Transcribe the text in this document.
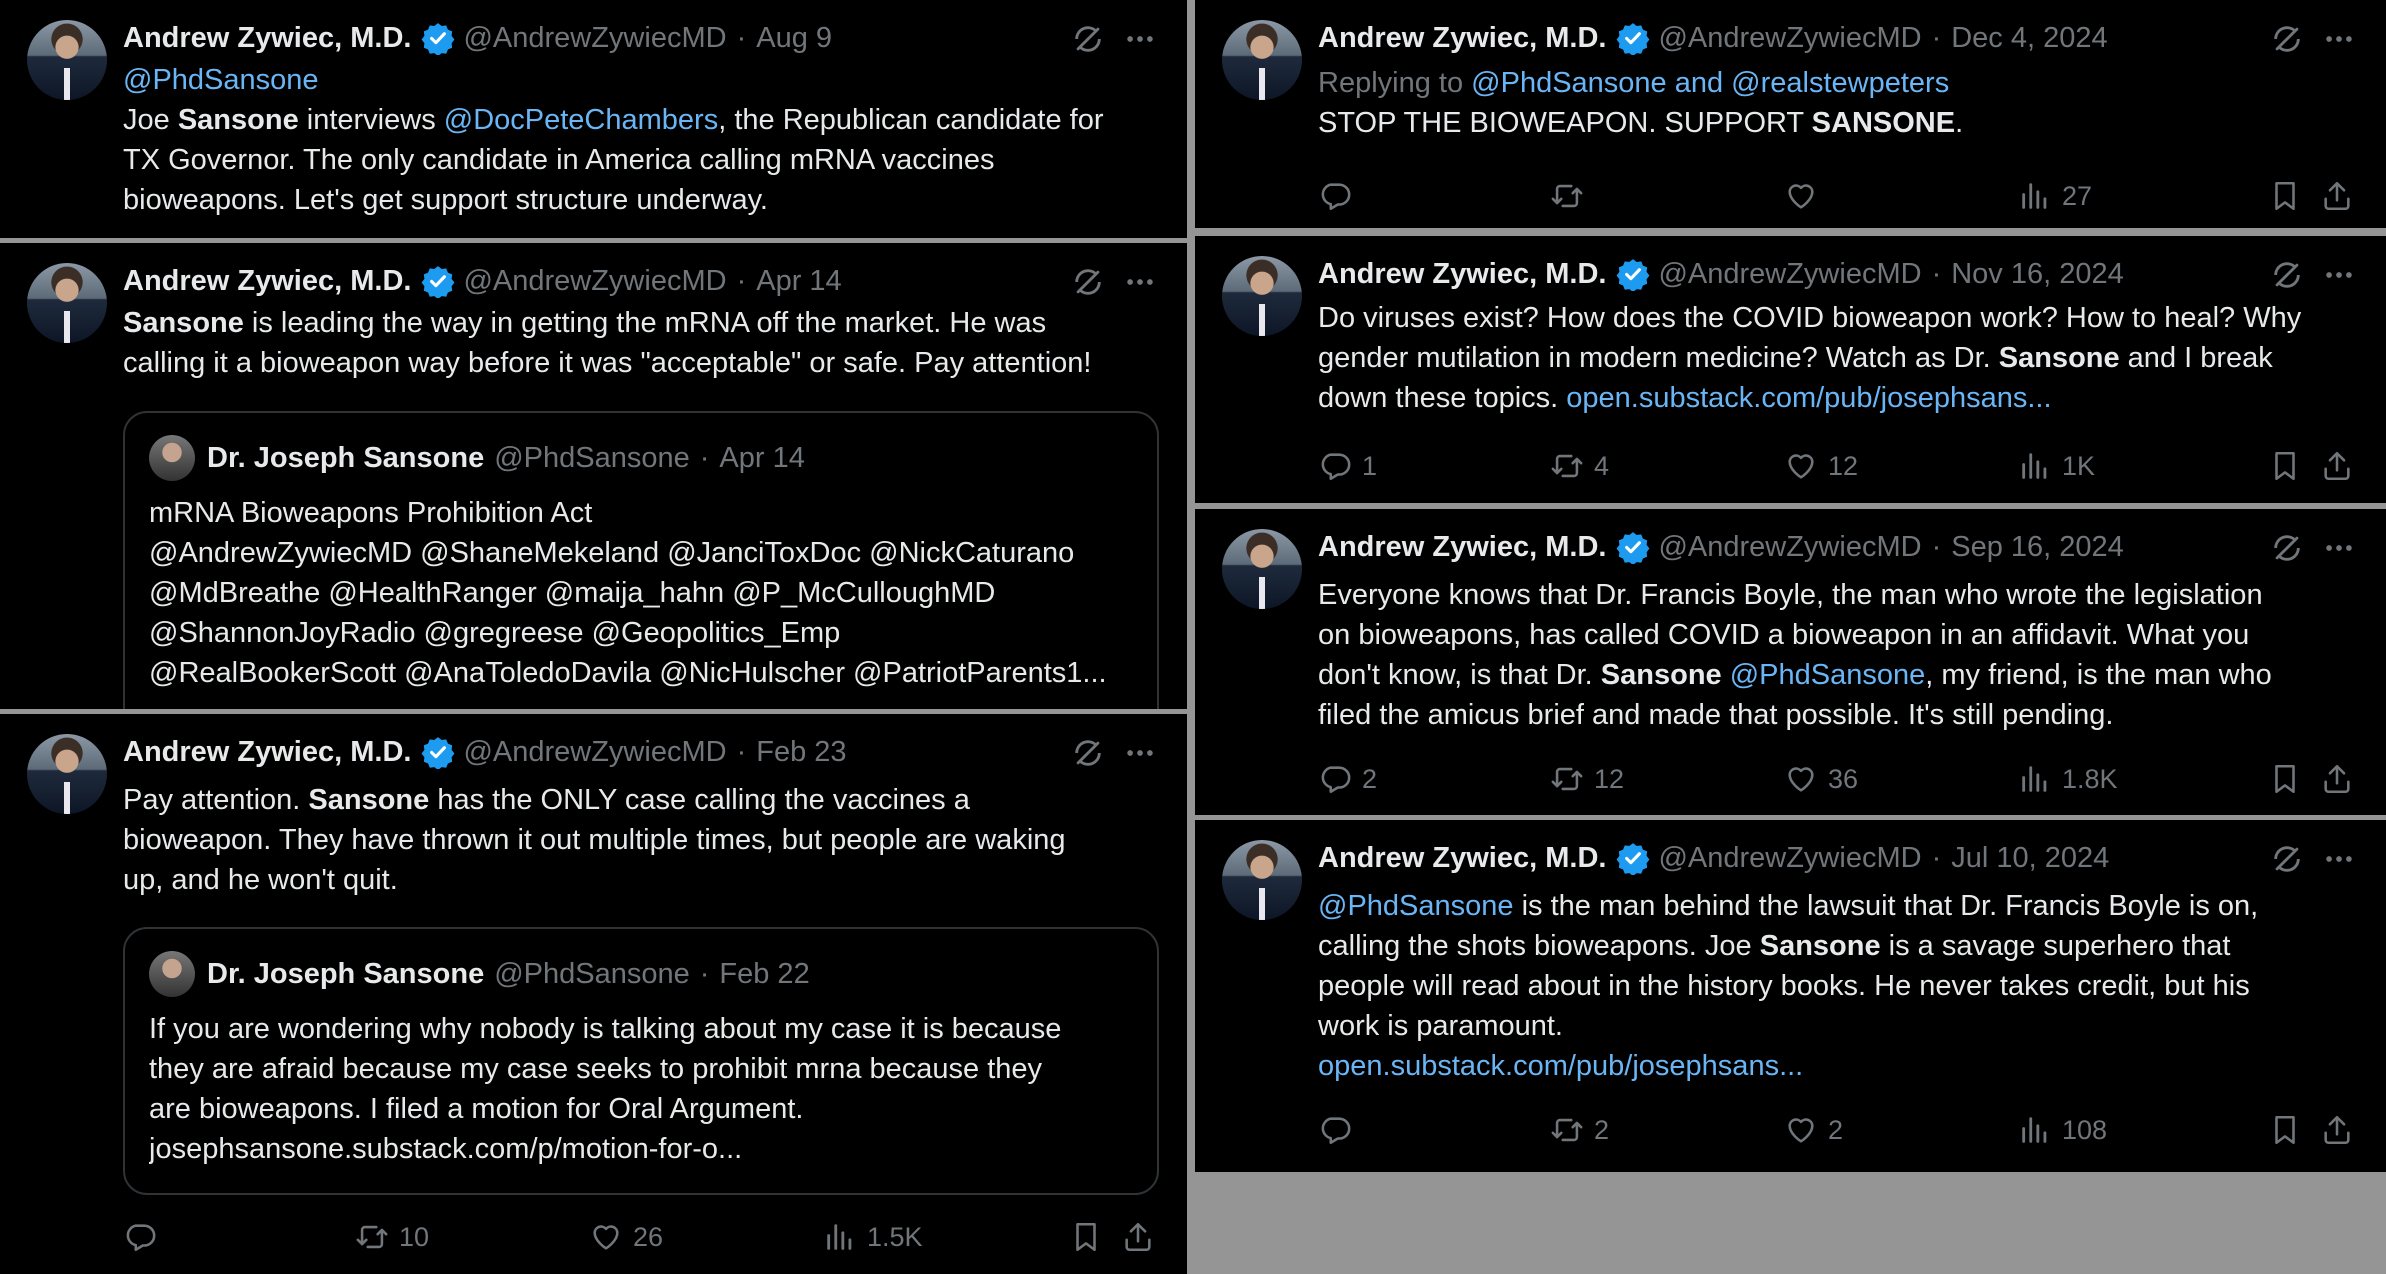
@PhdSansone
Joe Sansone interviews @DocPeteChambers, the Republican candidate for
TX Governor. The only candidate in America calling mRNA vaccines
bioweapons. Let's get support structure underway.
Andrew Zywiec, M.D. @AndrewZywiecMD · Aug 9
Sansone is leading the way in getting the mRNA off the market. He was
calling it a bioweapon way before it was "acceptable" or safe. Pay attention!
Dr. Joseph Sansone @PhdSansone · Apr 14
mRNA Bioweapons Prohibition Act
@AndrewZywiecMD @ShaneMekeland @JanciToxDoc @NickCaturano
@MdBreathe @HealthRanger @maija_hahn @P_McCulloughMD
@ShannonJoyRadio @gregreese @Geopolitics_Emp
@RealBookerScott @AnaToledoDavila @NicHulscher @PatriotParents1...
Andrew Zywiec, M.D. @AndrewZywiecMD · Apr 14
Pay attention. Sansone has the ONLY case calling the vaccines a
bioweapon. They have thrown it out multiple times, but people are waking
up, and he won't quit.
Dr. Joseph Sansone @PhdSansone · Feb 22
If you are wondering why nobody is talking about my case it is because
they are afraid because my case seeks to prohibit mrna because they
are bioweapons. I filed a motion for Oral Argument.
josephsansone.substack.com/p/motion-for-o...
10	26	1.5K
Andrew Zywiec, M.D. @AndrewZywiecMD · Feb 23
Replying to @PhdSansone and @realstewpeters
STOP THE BIOWEAPON. SUPPORT SANSONE.
27
Andrew Zywiec, M.D. @AndrewZywiecMD · Dec 4, 2024
Do viruses exist? How does the COVID bioweapon work? How to heal? Why
gender mutilation in modern medicine? Watch as Dr. Sansone and I break
down these topics. open.substack.com/pub/josephsans...
1	4	12	1K
Andrew Zywiec, M.D. @AndrewZywiecMD · Nov 16, 2024
Everyone knows that Dr. Francis Boyle, the man who wrote the legislation
on bioweapons, has called COVID a bioweapon in an affidavit. What you
don't know, is that Dr. Sansone @PhdSansone, my friend, is the man who
filed the amicus brief and made that possible. It's still pending.
2	12	36	1.8K
Andrew Zywiec, M.D. @AndrewZywiecMD · Sep 16, 2024
@PhdSansone is the man behind the lawsuit that Dr. Francis Boyle is on,
calling the shots bioweapons. Joe Sansone is a savage superhero that
people will read about in the history books. He never takes credit, but his
work is paramount.
open.substack.com/pub/josephsans...
2	2	108
Andrew Zywiec, M.D. @AndrewZywiecMD · Jul 10, 2024
